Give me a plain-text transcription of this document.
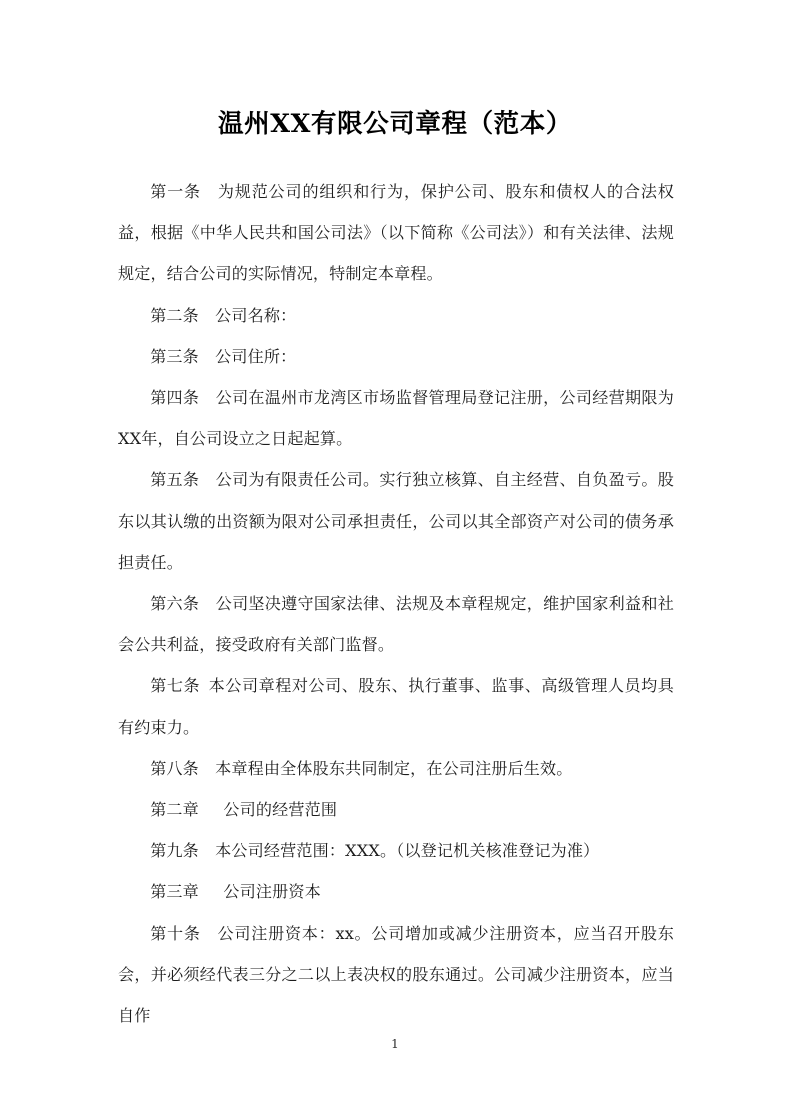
温州XX有限公司章程（范本）

第一条  为规范公司的组织和行为，保护公司、股东和债权人的合法权益，根据《中华人民共和国公司法》（以下简称《公司法》）和有关法律、法规规定，结合公司的实际情况，特制定本章程。

第二条  公司名称：

第三条  公司住所：

第四条  公司在温州市龙湾区市场监督管理局登记注册，公司经营期限为XX年，自公司设立之日起起算。

第五条  公司为有限责任公司。实行独立核算、自主经营、自负盈亏。股东以其认缴的出资额为限对公司承担责任，公司以其全部资产对公司的债务承担责任。

第六条  公司坚决遵守国家法律、法规及本章程规定，维护国家利益和社会公共利益，接受政府有关部门监督。

第七条  本公司章程对公司、股东、执行董事、监事、高级管理人员均具有约束力。

第八条  本章程由全体股东共同制定，在公司注册后生效。

第二章   公司的经营范围

第九条  本公司经营范围：XXX。（以登记机关核准登记为准）

第三章   公司注册资本

第十条  公司注册资本：xx。公司增加或减少注册资本，应当召开股东会，并必须经代表三分之二以上表决权的股东通过。公司减少注册资本，应当自作

1
